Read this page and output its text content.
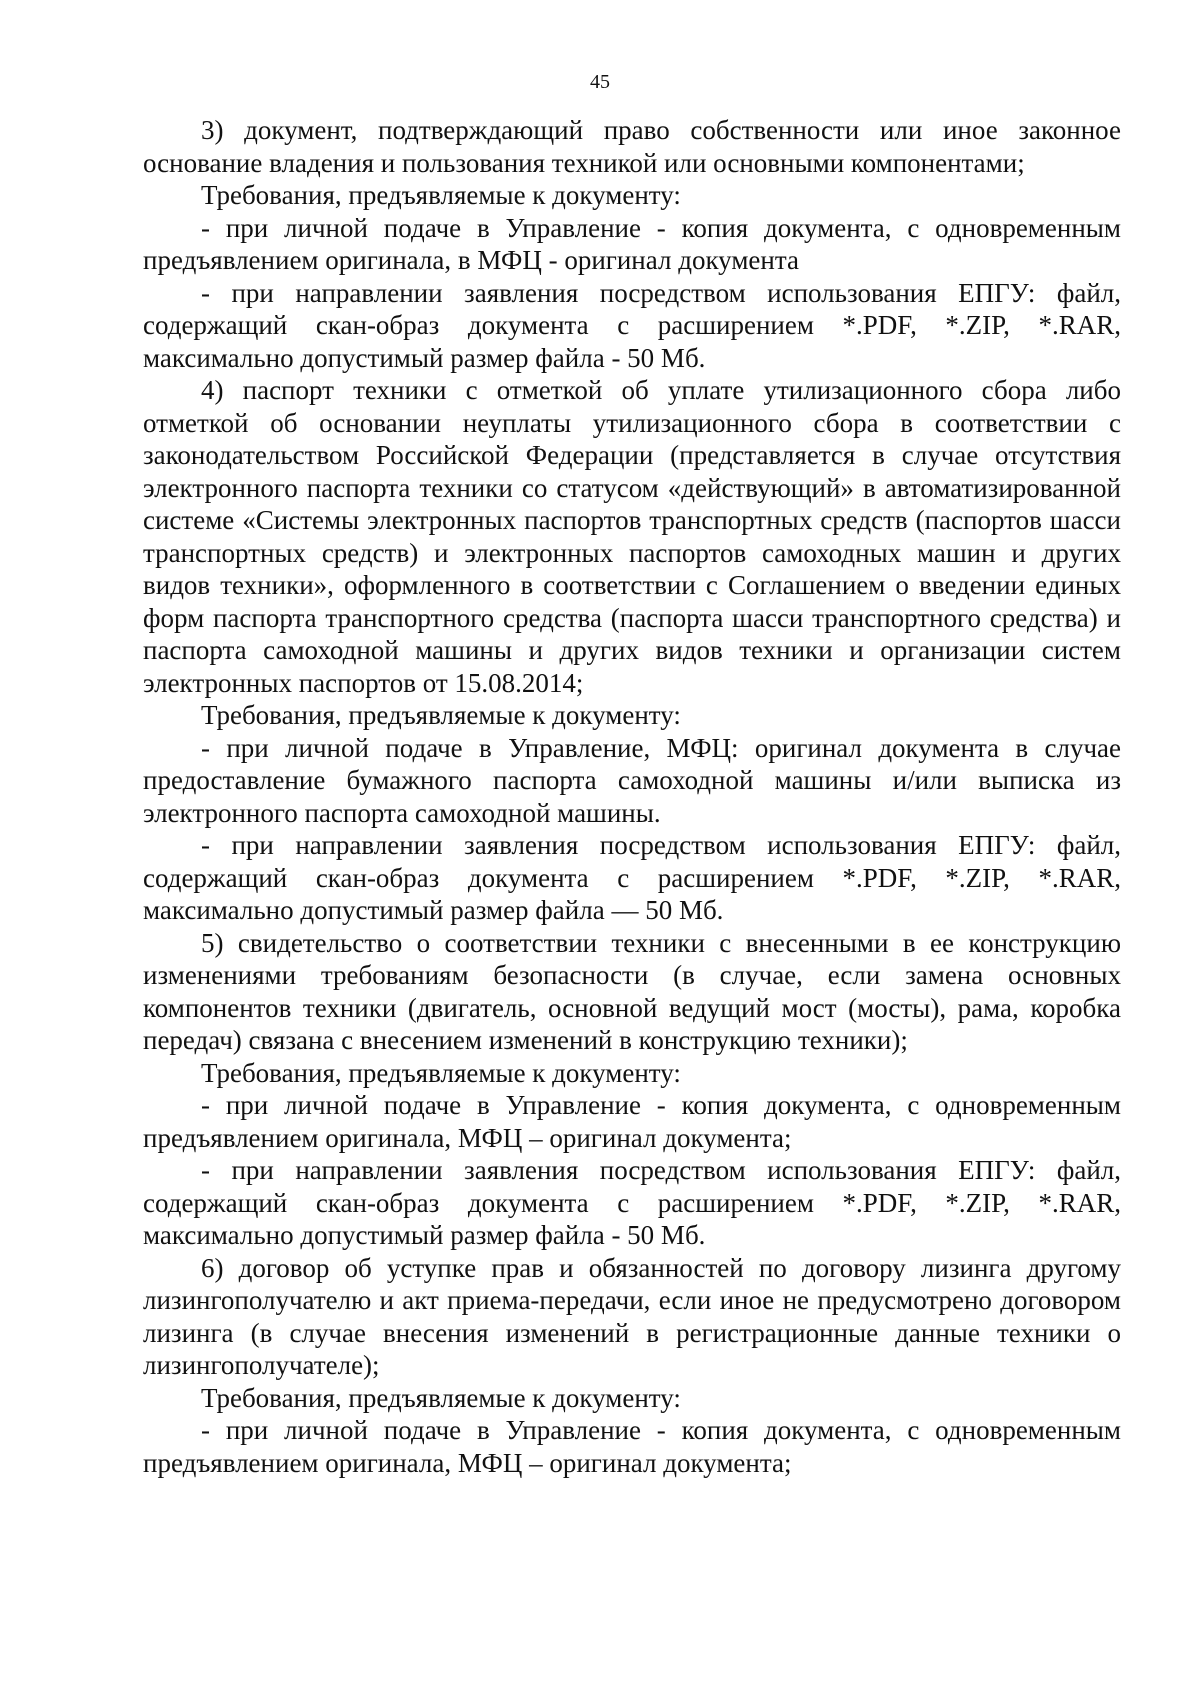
45

3) документ, подтверждающий право собственности или иное законное основание владения и пользования техникой или основными компонентами;

Требования, предъявляемые к документу:

- при личной подаче в Управление - копия документа, с одновременным предъявлением оригинала, в МФЦ - оригинал документа

- при направлении заявления посредством использования ЕПГУ: файл, содержащий скан-образ документа с расширением *.PDF, *.ZIP, *.RAR, максимально допустимый размер файла - 50 Мб.

4) паспорт техники с отметкой об уплате утилизационного сбора либо отметкой об основании неуплаты утилизационного сбора в соответствии с законодательством Российской Федерации (представляется в случае отсутствия электронного паспорта техники со статусом «действующий» в автоматизированной системе «Системы электронных паспортов транспортных средств (паспортов шасси транспортных средств) и электронных паспортов самоходных машин и других видов техники», оформленного в соответствии с Соглашением о введении единых форм паспорта транспортного средства (паспорта шасси транспортного средства) и паспорта самоходной машины и других видов техники и организации систем электронных паспортов от 15.08.2014;

Требования, предъявляемые к документу:

- при личной подаче в Управление, МФЦ: оригинал документа в случае предоставление бумажного паспорта самоходной машины и/или выписка из электронного паспорта самоходной машины.

- при направлении заявления посредством использования ЕПГУ: файл, содержащий скан-образ документа с расширением *.PDF, *.ZIP, *.RAR, максимально допустимый размер файла — 50 Мб.

5) свидетельство о соответствии техники с внесенными в ее конструкцию изменениями требованиям безопасности (в случае, если замена основных компонентов техники (двигатель, основной ведущий мост (мосты), рама, коробка передач) связана с внесением изменений в конструкцию техники);

Требования, предъявляемые к документу:

- при личной подаче в Управление - копия документа, с одновременным предъявлением оригинала, МФЦ – оригинал документа;

- при направлении заявления посредством использования ЕПГУ: файл, содержащий скан-образ документа с расширением *.PDF, *.ZIP, *.RAR, максимально допустимый размер файла - 50 Мб.

6) договор об уступке прав и обязанностей по договору лизинга другому лизингополучателю и акт приема-передачи, если иное не предусмотрено договором лизинга (в случае внесения изменений в регистрационные данные техники о лизингополучателе);

Требования, предъявляемые к документу:

- при личной подаче в Управление - копия документа, с одновременным предъявлением оригинала, МФЦ – оригинал документа;
